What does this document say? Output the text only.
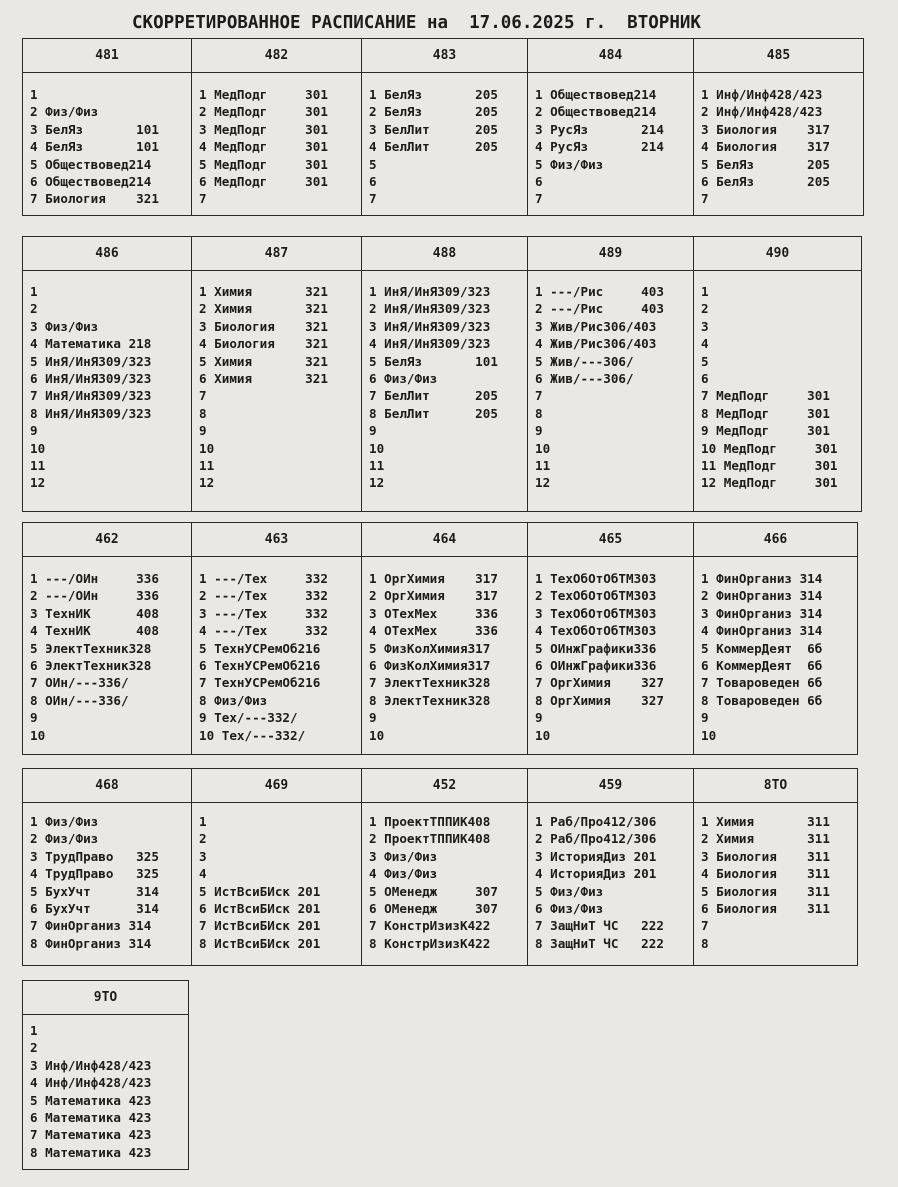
СКОРРЕТИРОВАННОЕ РАСПИСАНИЕ на  17.06.2025 г.  ВТОРНИК
481
1
2 Физ/Физ
3 БелЯз       101
4 БелЯз       101
5 Обществовед214
6 Обществовед214
7 Биология    321
482
1 МедПодг     301
2 МедПодг     301
3 МедПодг     301
4 МедПодг     301
5 МедПодг     301
6 МедПодг     301
7
483
1 БелЯз       205
2 БелЯз       205
3 БелЛит      205
4 БелЛит      205
5
6
7
484
1 Обществовед214
2 Обществовед214
3 РусЯз       214
4 РусЯз       214
5 Физ/Физ
6
7
485
1 Инф/Инф428/423
2 Инф/Инф428/423
3 Биология    317
4 Биология    317
5 БелЯз       205
6 БелЯз       205
7
486
1
2
3 Физ/Физ
4 Математика 218
5 ИнЯ/ИнЯ309/323
6 ИнЯ/ИнЯ309/323
7 ИнЯ/ИнЯ309/323
8 ИнЯ/ИнЯ309/323
9
10
11
12
487
1 Химия       321
2 Химия       321
3 Биология    321
4 Биология    321
5 Химия       321
6 Химия       321
7
8
9
10
11
12
488
1 ИнЯ/ИнЯ309/323
2 ИнЯ/ИнЯ309/323
3 ИнЯ/ИнЯ309/323
4 ИнЯ/ИнЯ309/323
5 БелЯз       101
6 Физ/Физ
7 БелЛит      205
8 БелЛит      205
9
10
11
12
489
1 ---/Рис     403
2 ---/Рис     403
3 Жив/Рис306/403
4 Жив/Рис306/403
5 Жив/---306/
6 Жив/---306/
7
8
9
10
11
12
490
1
2
3
4
5
6
7 МедПодг     301
8 МедПодг     301
9 МедПодг     301
10 МедПодг     301
11 МедПодг     301
12 МедПодг     301
462
1 ---/ОИн     336
2 ---/ОИн     336
3 ТехнИК      408
4 ТехнИК      408
5 ЭлектТехник328
6 ЭлектТехник328
7 ОИн/---336/
8 ОИн/---336/
9
10
463
1 ---/Тех     332
2 ---/Тех     332
3 ---/Тех     332
4 ---/Тех     332
5 ТехнУСРемОб216
6 ТехнУСРемОб216
7 ТехнУСРемОб216
8 Физ/Физ
9 Тех/---332/
10 Тех/---332/
464
1 ОргХимия    317
2 ОргХимия    317
3 ОТехМех     336
4 ОТехМех     336
5 ФизКолХимия317
6 ФизКолХимия317
7 ЭлектТехник328
8 ЭлектТехник328
9
10
465
1 ТехОбОтОбТМ303
2 ТехОбОтОбТМ303
3 ТехОбОтОбТМ303
4 ТехОбОтОбТМ303
5 ОИнжГрафики336
6 ОИнжГрафики336
7 ОргХимия    327
8 ОргХимия    327
9
10
466
1 ФинОрганиз 314
2 ФинОрганиз 314
3 ФинОрганиз 314
4 ФинОрганиз 314
5 КоммерДеят  6б
6 КоммерДеят  6б
7 Товароведен 6б
8 Товароведен 6б
9
10
468
1 Физ/Физ
2 Физ/Физ
3 ТрудПраво   325
4 ТрудПраво   325
5 БухУчт      314
6 БухУчт      314
7 ФинОрганиз 314
8 ФинОрганиз 314
469
1
2
3
4
5 ИстВсиБИск 201
6 ИстВсиБИск 201
7 ИстВсиБИск 201
8 ИстВсиБИск 201
452
1 ПроектТППИК408
2 ПроектТППИК408
3 Физ/Физ
4 Физ/Физ
5 ОМенедж     307
6 ОМенедж     307
7 КонстрИзизК422
8 КонстрИзизК422
459
1 Раб/Про412/306
2 Раб/Про412/306
3 ИсторияДиз 201
4 ИсторияДиз 201
5 Физ/Физ
6 Физ/Физ
7 ЗащНиТ ЧС   222
8 ЗащНиТ ЧС   222
8ТО
1 Химия       311
2 Химия       311
3 Биология    311
4 Биология    311
5 Биология    311
6 Биология    311
7
8
9ТО
1
2
3 Инф/Инф428/423
4 Инф/Инф428/423
5 Математика 423
6 Математика 423
7 Математика 423
8 Математика 423
